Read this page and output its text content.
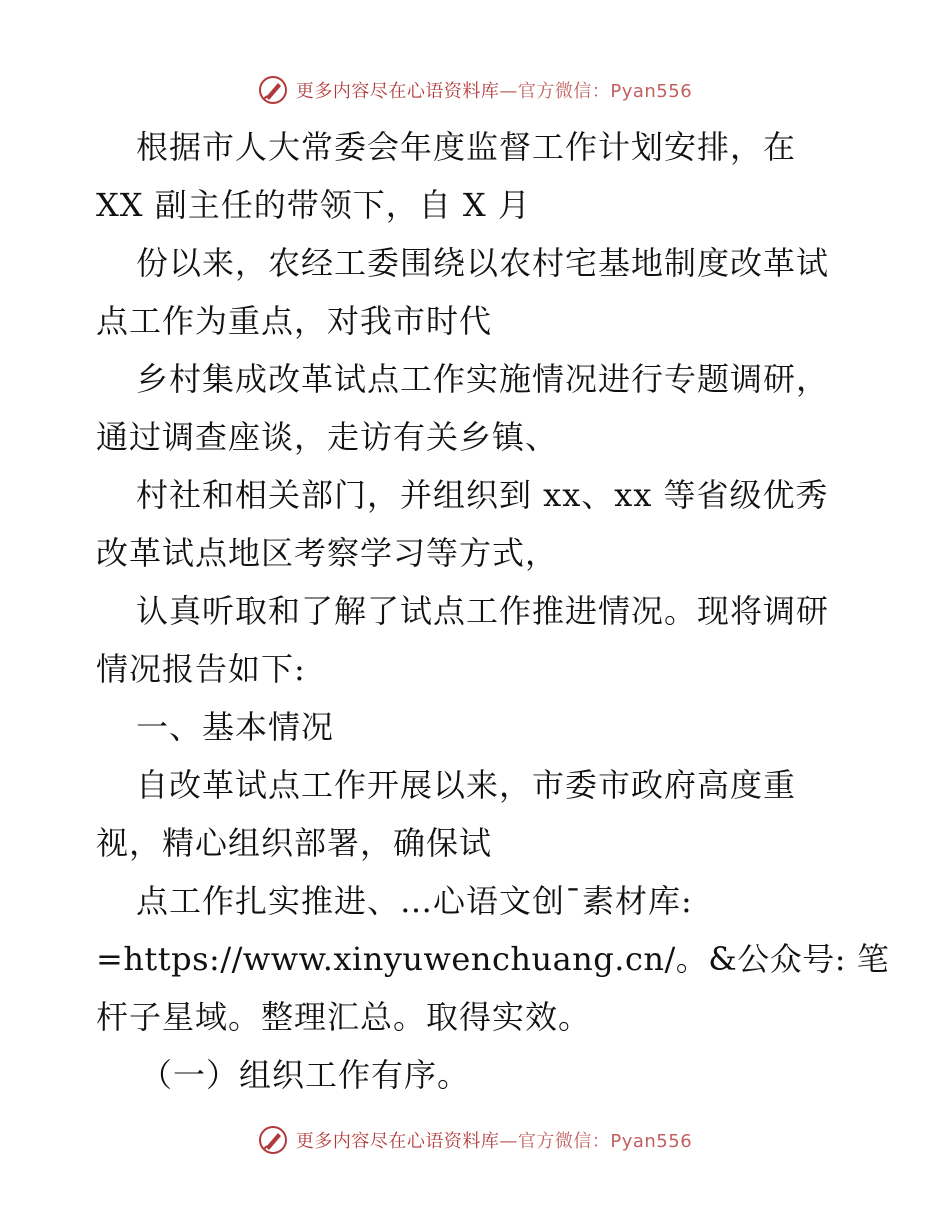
更多内容尽在心语资料库—官方微信：Pyan556
根据市人大常委会年度监督工作计划安排，在
XX 副主任的带领下，自 X 月
份以来，农经工委围绕以农村宅基地制度改革试
点工作为重点，对我市时代
乡村集成改革试点工作实施情况进行专题调研，
通过调查座谈，走访有关乡镇、
村社和相关部门，并组织到 xx、xx 等省级优秀
改革试点地区考察学习等方式，
认真听取和了解了试点工作推进情况。现将调研
情况报告如下:
一、基本情况
自改革试点工作开展以来，市委市政府高度重
视，精心组织部署，确保试
点工作扎实推进、…心语文创¯素材库:
=https://www.xinyuwenchuang.cn/。&公众号: 笔
杆子星域。整理汇总。取得实效。
（一）组织工作有序。
更多内容尽在心语资料库—官方微信：Pyan556
